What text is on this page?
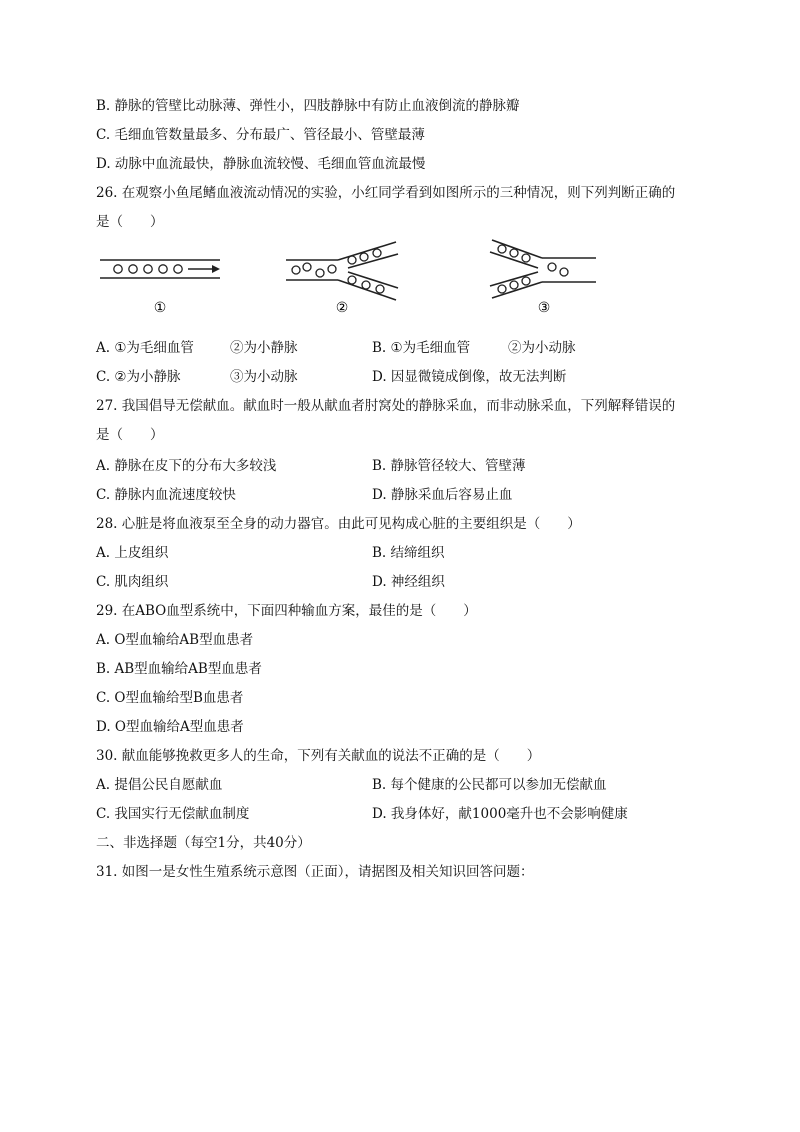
B. 静脉的管壁比动脉薄、弹性小，四肢静脉中有防止血液倒流的静脉瓣
C. 毛细血管数量最多、分布最广、管径最小、管壁最薄
D. 动脉中血流最快，静脉血流较慢、毛细血管血流最慢
26. 在观察小鱼尾鳍血液流动情况的实验，小红同学看到如图所示的三种情况，则下列判断正确的
是（　　）
①	②	③
A. ①为毛细血管	②为小静脉	B. ①为毛细血管	②为小动脉
C. ②为小静脉	③为小动脉	D. 因显微镜成倒像，故无法判断
27. 我国倡导无偿献血。献血时一般从献血者肘窝处的静脉采血，而非动脉采血，下列解释错误的
是（　　）
A. 静脉在皮下的分布大多较浅	B. 静脉管径较大、管壁薄
C. 静脉内血流速度较快	D. 静脉采血后容易止血
28. 心脏是将血液泵至全身的动力器官。由此可见构成心脏的主要组织是（　　）
A. 上皮组织	B. 结缔组织
C. 肌肉组织	D. 神经组织
29. 在ABO血型系统中，下面四种输血方案，最佳的是（　　）
A. O型血输给AB型血患者
B. AB型血输给AB型血患者
C. O型血输给型B血患者
D. O型血输给A型血患者
30. 献血能够挽救更多人的生命，下列有关献血的说法不正确的是（　　）
A. 提倡公民自愿献血	B. 每个健康的公民都可以参加无偿献血
C. 我国实行无偿献血制度	D. 我身体好，献1000毫升也不会影响健康
二、非选择题（每空1分，共40分）
31. 如图一是女性生殖系统示意图（正面），请据图及相关知识回答问题：
